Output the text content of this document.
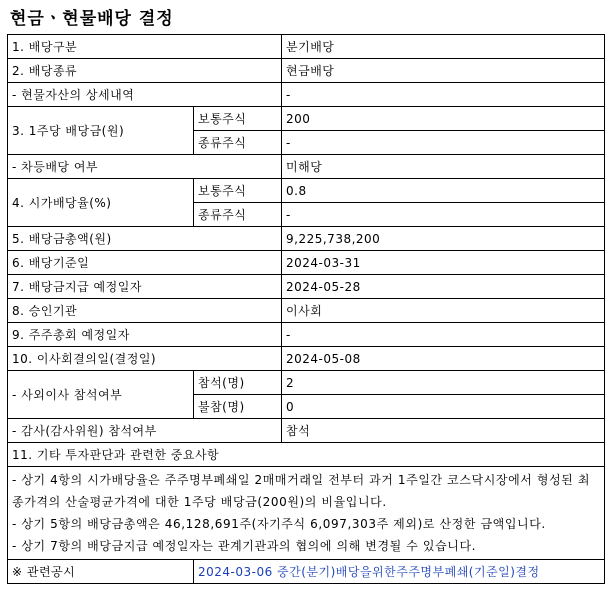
현금ㆍ현물배당 결정
1. 배당구분		분기배당
2. 배당종류		현금배당
- 현물자산의 상세내역		-
3. 1주당 배당금(원)	보통주식	200
	종류주식	-
- 차등배당 여부		미해당
4. 시가배당율(%)	보통주식	0.8
	종류주식	-
5. 배당금총액(원)		9,225,738,200
6. 배당기준일		2024-03-31
7. 배당금지급 예정일자		2024-05-28
8. 승인기관		이사회
9. 주주총회 예정일자		-
10. 이사회결의일(결정일)		2024-05-08
- 사외이사 참석여부	참석(명)	2
	불참(명)	0
- 감사(감사위원) 참석여부		참석
11. 기타 투자판단과 관련한 중요사항		

- 상기 4항의 시가배당율은 주주명부폐쇄일 2매매거래일 전부터 과거 1주일간 코스닥시장에서 형성된 최종가격의 산술평균가격에 대한 1주당 배당금(200원)의 비율입니다.
- 상기 5항의 배당금총액은 46,128,691주(자기주식 6,097,303주 제외)로 산정한 금액입니다.
- 상기 7항의 배당금지급 예정일자는 관계기관과의 협의에 의해 변경될 수 있습니다.		

※ 관련공시	2024-03-06 중간(분기)배당을위한주주명부폐쇄(기준일)결정	
